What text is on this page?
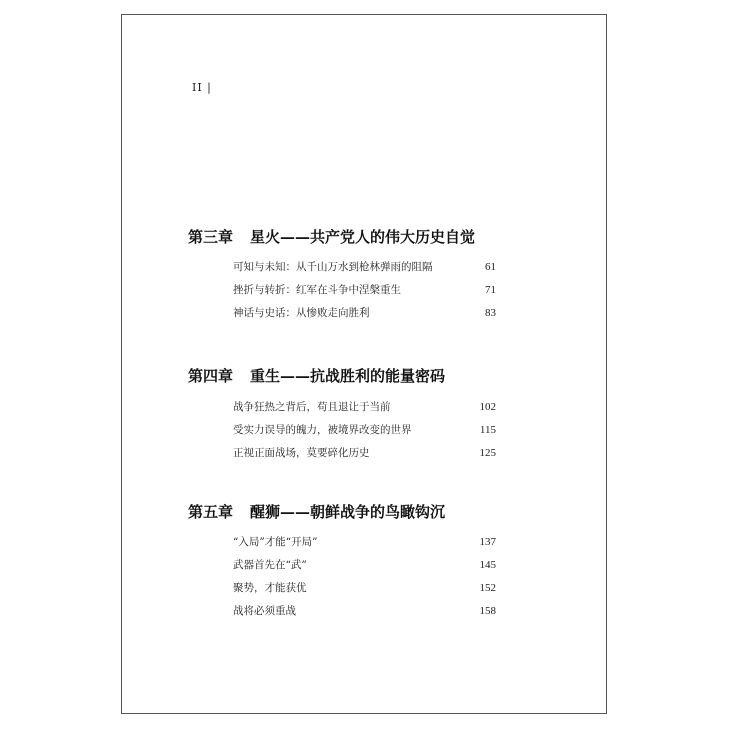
II |
第三章 星火——共产党人的伟大历史自觉
可知与未知：从千山万水到枪林弹雨的阻隔	61
挫折与转折：红军在斗争中涅槃重生	71
神话与史话：从惨败走向胜利	83
第四章 重生——抗战胜利的能量密码
战争狂热之背后，苟且退让于当前	102
受实力误导的魄力，被境界改变的世界	115
正视正面战场，莫要碎化历史	125
第五章 醒狮——朝鲜战争的鸟瞰钩沉
“入局”才能“开局”	137
武器首先在“武”	145
聚势，才能获优	152
战将必须重战	158
